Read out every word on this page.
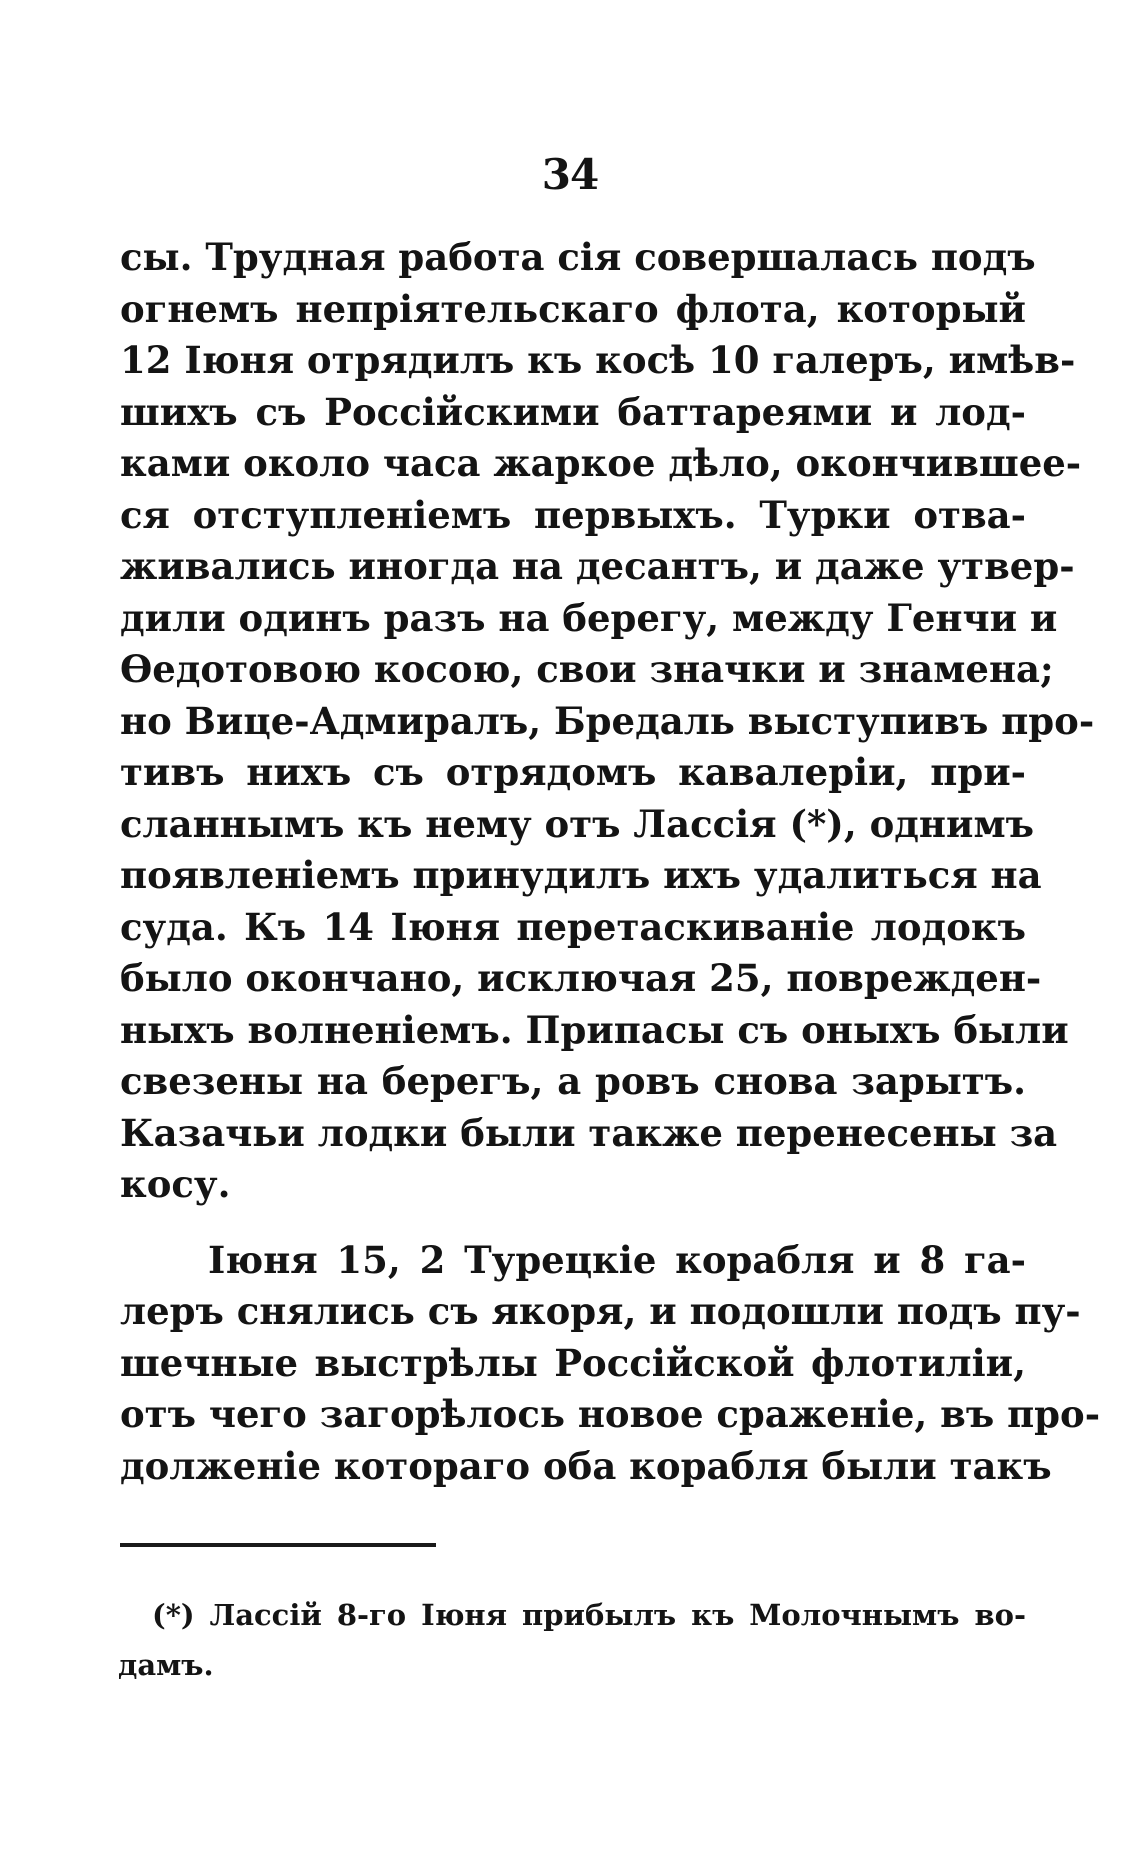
34
сы. Трудная работа сія совершалась подъ
огнемъ непріятельскаго флота, который
12 Іюня отрядилъ къ косѣ 10 галеръ, имѣв-
шихъ съ Россійскими баттареями и лод-
ками около часа жаркое дѣло, окончившее-
ся отступленіемъ первыхъ. Турки отва-
живались иногда на десантъ, и даже утвер-
дили одинъ разъ на берегу, между Генчи и
Ѳедотовою косою, свои значки и знамена;
но Вице-Адмиралъ, Бредаль выступивъ про-
тивъ нихъ съ отрядомъ кавалеріи, при-
сланнымъ къ нему отъ Лассія (*), однимъ
появленіемъ принудилъ ихъ удалиться на
суда. Къ 14 Іюня перетаскиваніе лодокъ
было окончано, исключая 25, поврежден-
ныхъ волненіемъ. Припасы съ оныхъ были
свезены на берегъ, а ровъ снова зарытъ.
Казачьи лодки были также перенесены за
косу.
Іюня 15, 2 Турецкіе корабля и 8 га-
леръ снялись съ якоря, и подошли подъ пу-
шечные выстрѣлы Россійской флотиліи,
отъ чего загорѣлось новое сраженіе, въ про-
долженіе котораго оба корабля были такъ
(*) Лассій 8-го Іюня прибылъ къ Молочнымъ во-
дамъ.
